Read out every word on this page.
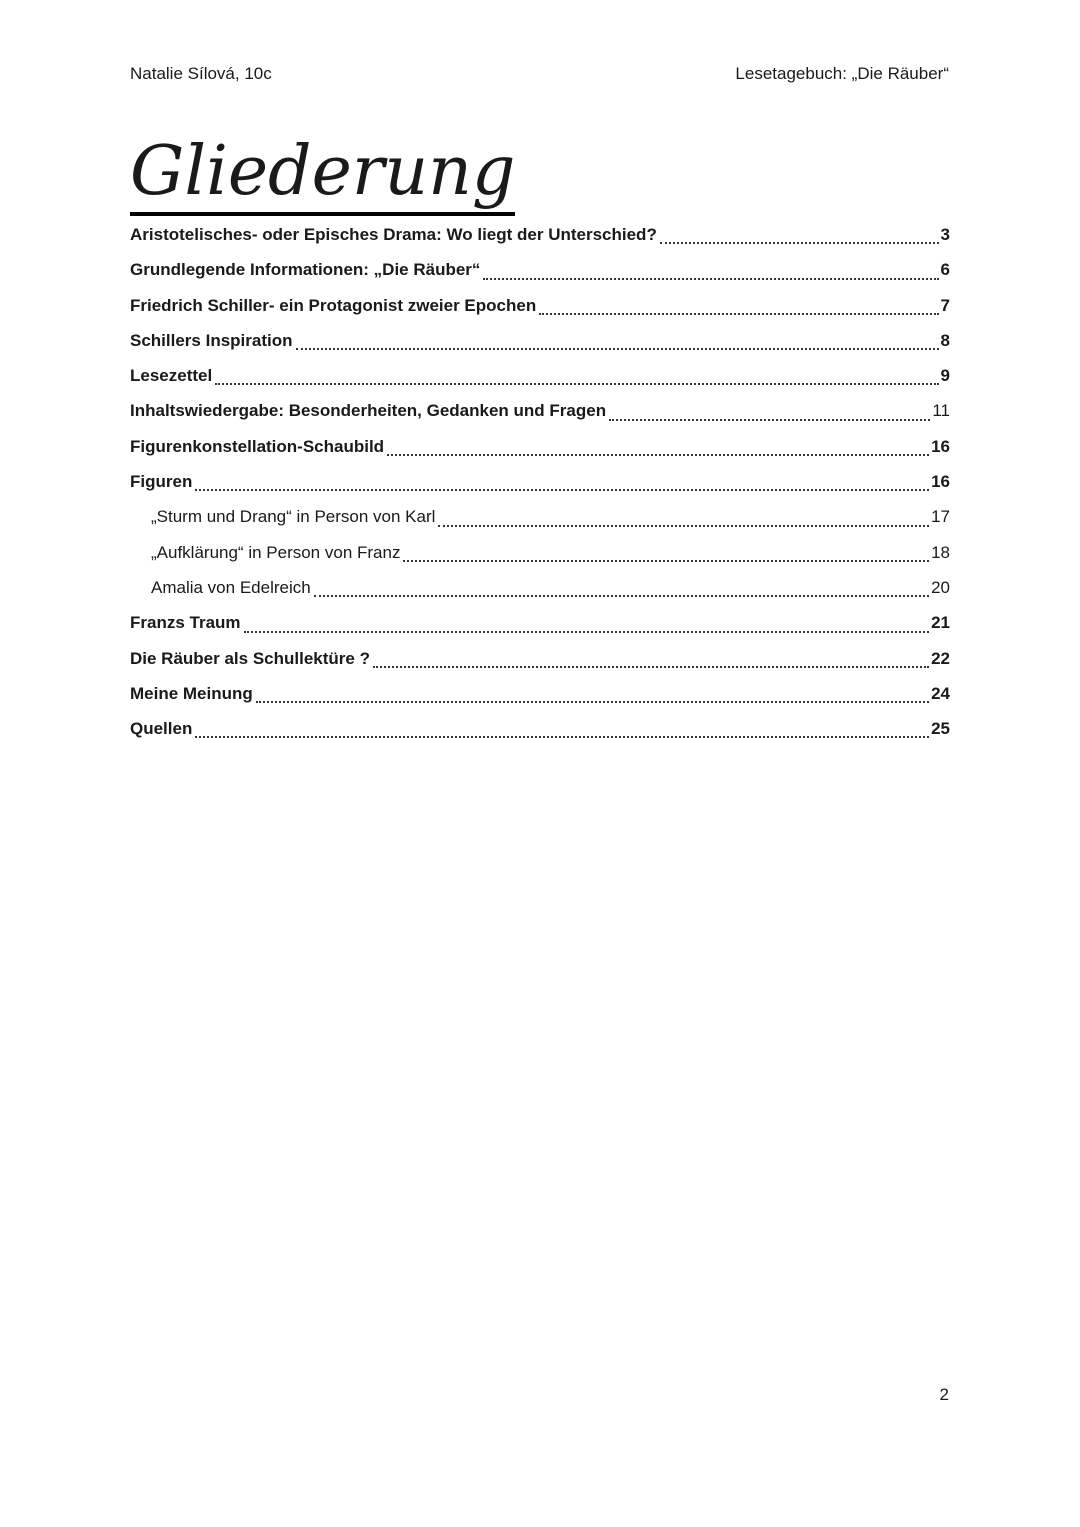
Natalie Sílová, 10c	Lesetagebuch: „Die Räuber“
Gliederung
Aristotelisches- oder Episches Drama: Wo liegt der Unterschied?	3
Grundlegende Informationen: „Die Räuber“	6
Friedrich Schiller- ein Protagonist zweier Epochen	7
Schillers Inspiration	8
Lesezettel	9
Inhaltswiedergabe: Besonderheiten, Gedanken und Fragen	11
Figurenkonstellation-Schaubild	16
Figuren	16
„Sturm und Drang“ in Person von Karl	17
„Aufklärung“ in Person von Franz	18
Amalia von Edelreich	20
Franzs Traum	21
Die Räuber als Schullektüre ?	22
Meine Meinung	24
Quellen	25
2
